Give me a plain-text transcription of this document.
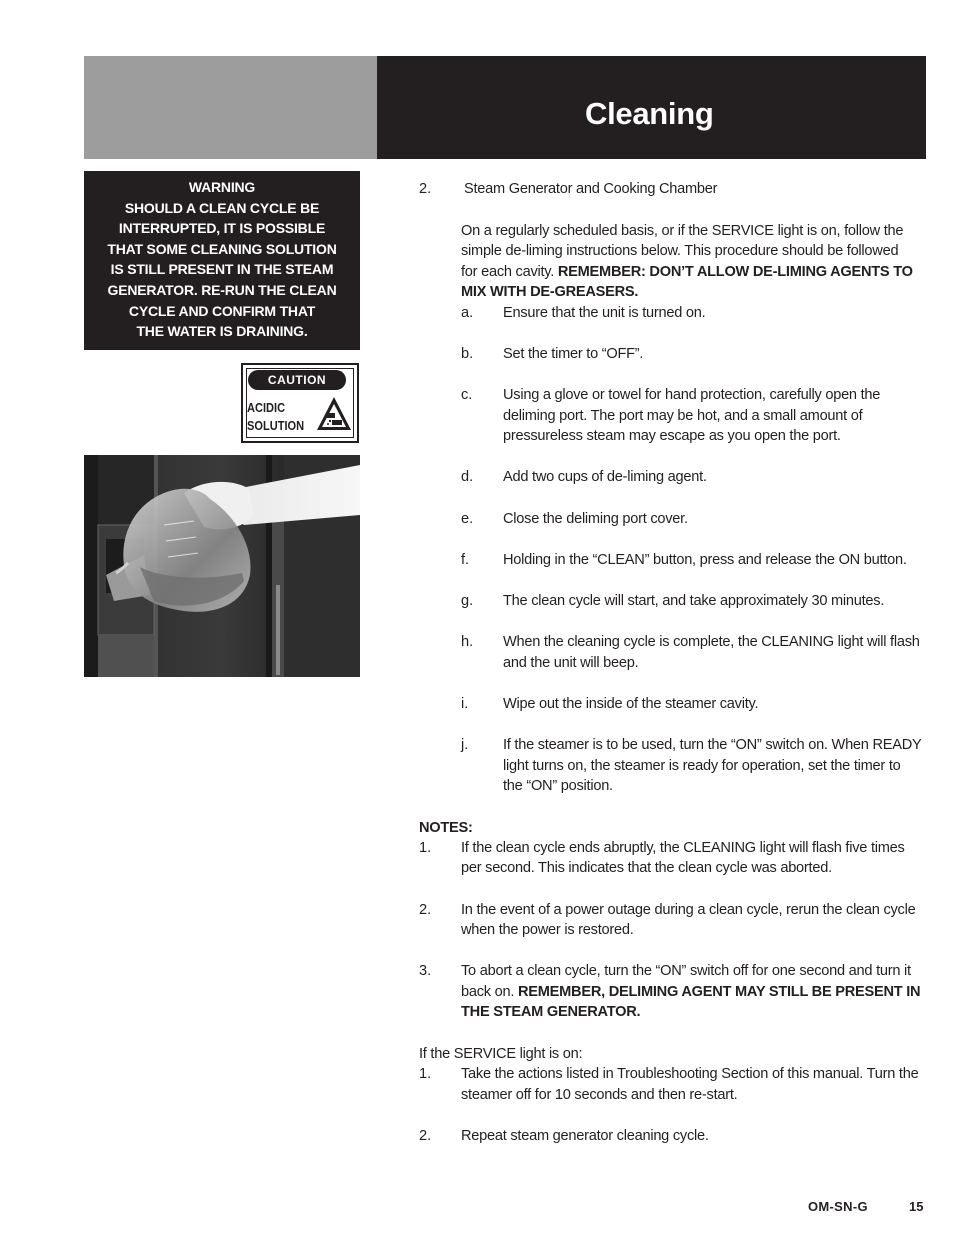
Cleaning
WARNING
SHOULD A CLEAN CYCLE BE
INTERRUPTED, IT IS POSSIBLE
THAT SOME CLEANING SOLUTION
IS STILL PRESENT IN THE STEAM
GENERATOR. RE-RUN THE CLEAN
CYCLE AND CONFIRM THAT
THE WATER IS DRAINING.
CAUTION
ACIDIC
SOLUTION
2. Steam Generator and Cooking Chamber
On a regularly scheduled basis, or if the SERVICE light is on, follow the
simple de-liming instructions below. This procedure should be followed
for each cavity. REMEMBER: DON’T ALLOW DE-LIMING AGENTS TO
MIX WITH DE-GREASERS.
a. Ensure that the unit is turned on.
b. Set the timer to “OFF”.
c. Using a glove or towel for hand protection, carefully open the
deliming port. The port may be hot, and a small amount of
pressureless steam may escape as you open the port.
d. Add two cups of de-liming agent.
e. Close the deliming port cover.
f. Holding in the “CLEAN” button, press and release the ON button.
g. The clean cycle will start, and take approximately 30 minutes.
h. When the cleaning cycle is complete, the CLEANING light will flash
and the unit will beep.
i. Wipe out the inside of the steamer cavity.
j. If the steamer is to be used, turn the “ON” switch on. When READY
light turns on, the steamer is ready for operation, set the timer to
the “ON” position.
NOTES:
1. If the clean cycle ends abruptly, the CLEANING light will flash five times
per second. This indicates that the clean cycle was aborted.
2. In the event of a power outage during a clean cycle, rerun the clean cycle
when the power is restored.
3. To abort a clean cycle, turn the “ON” switch off for one second and turn it
back on. REMEMBER, DELIMING AGENT MAY STILL BE PRESENT IN
THE STEAM GENERATOR.
If the SERVICE light is on:
1. Take the actions listed in Troubleshooting Section of this manual. Turn the
steamer off for 10 seconds and then re-start.
2. Repeat steam generator cleaning cycle.
OM-SN-G	15
